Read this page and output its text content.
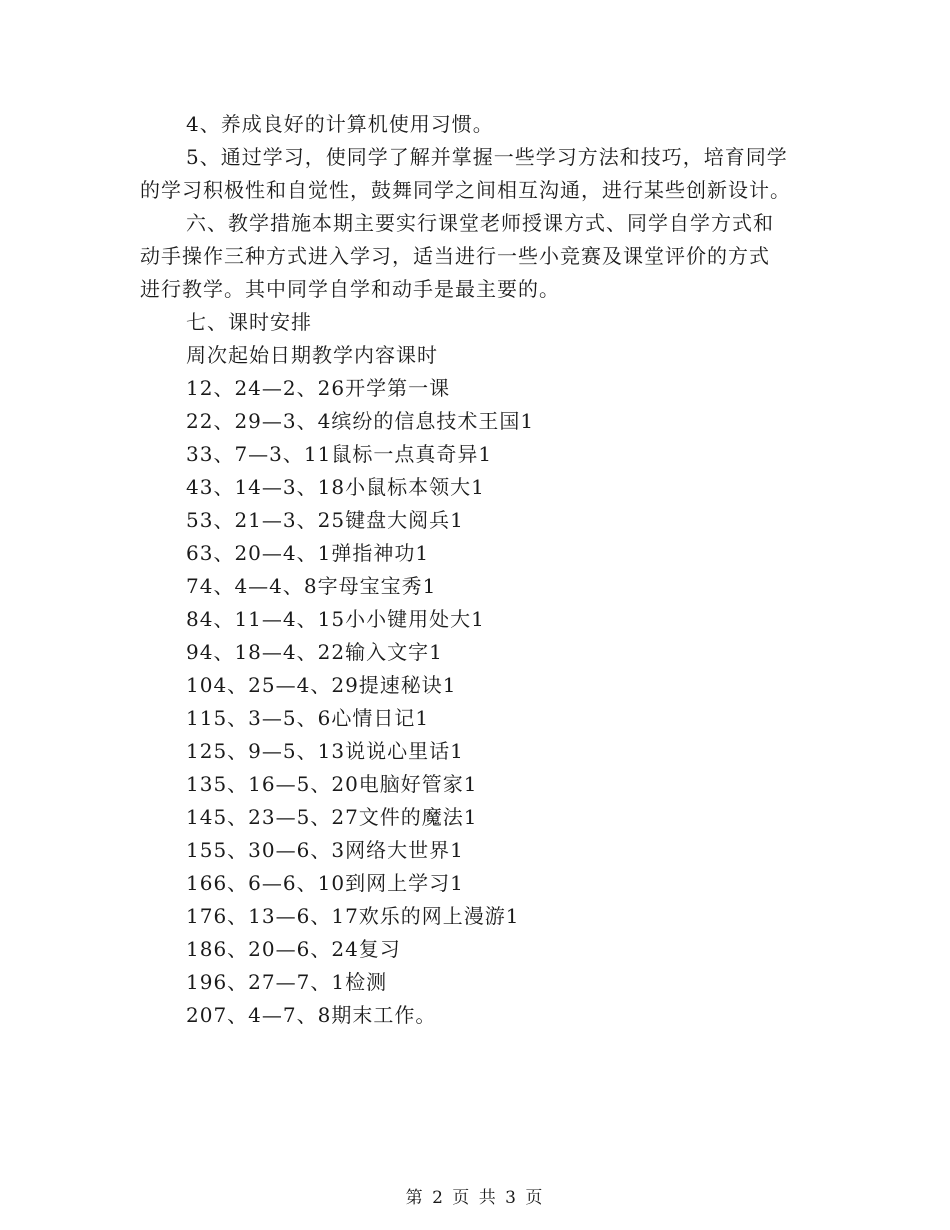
4、养成良好的计算机使用习惯。

5、通过学习，使同学了解并掌握一些学习方法和技巧，培育同学

的学习积极性和自觉性，鼓舞同学之间相互沟通，进行某些创新设计。

六、教学措施本期主要实行课堂老师授课方式、同学自学方式和

动手操作三种方式进入学习，适当进行一些小竞赛及课堂评价的方式

进行教学。其中同学自学和动手是最主要的。

七、课时安排

周次起始日期教学内容课时

12、24—2、26开学第一课
22、29—3、4缤纷的信息技术王国1
33、7—3、11鼠标一点真奇异1
43、14—3、18小鼠标本领大1
53、21—3、25键盘大阅兵1
63、20—4、1弹指神功1
74、4—4、8字母宝宝秀1
84、11—4、15小小键用处大1
94、18—4、22输入文字1
104、25—4、29提速秘诀1
115、3—5、6心情日记1
125、9—5、13说说心里话1
135、16—5、20电脑好管家1
145、23—5、27文件的魔法1
155、30—6、3网络大世界1
166、6—6、10到网上学习1
176、13—6、17欢乐的网上漫游1
186、20—6、24复习
196、27—7、1检测
207、4—7、8期末工作。
第 2 页 共 3 页
